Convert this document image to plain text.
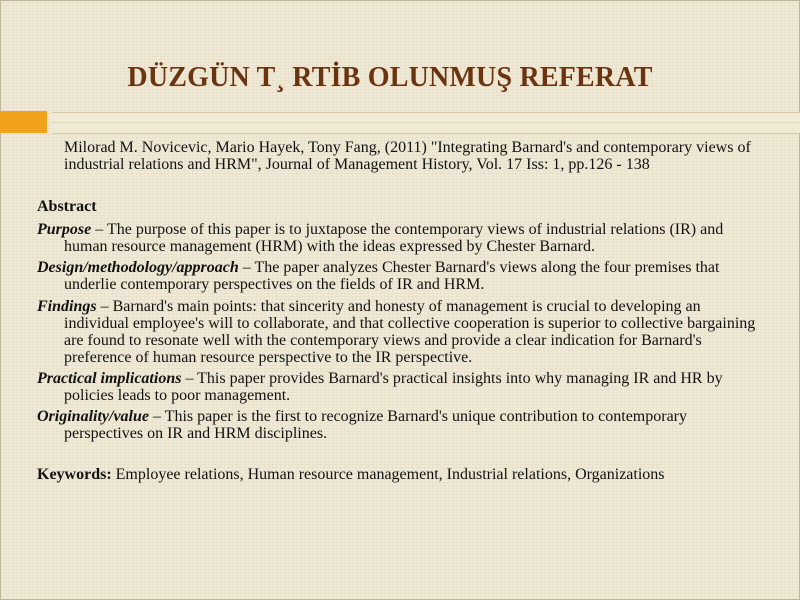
DÜZGÜN T¸ RTİB OLUNMUŞ REFERAT

Milorad M. Novicevic, Mario Hayek, Tony Fang, (2011) "Integrating Barnard's and contemporary views of industrial relations and HRM", Journal of Management History, Vol. 17 Iss: 1, pp.126 - 138

Abstract

Purpose – The purpose of this paper is to juxtapose the contemporary views of industrial relations (IR) and human resource management (HRM) with the ideas expressed by Chester Barnard.

Design/methodology/approach – The paper analyzes Chester Barnard's views along the four premises that underlie contemporary perspectives on the fields of IR and HRM.

Findings – Barnard's main points: that sincerity and honesty of management is crucial to developing an individual employee's will to collaborate, and that collective cooperation is superior to collective bargaining are found to resonate well with the contemporary views and provide a clear indication for Barnard's preference of human resource perspective to the IR perspective.

Practical implications – This paper provides Barnard's practical insights into why managing IR and HR by policies leads to poor management.

Originality/value – This paper is the first to recognize Barnard's unique contribution to contemporary perspectives on IR and HRM disciplines.

Keywords: Employee relations, Human resource management, Industrial relations, Organizations
